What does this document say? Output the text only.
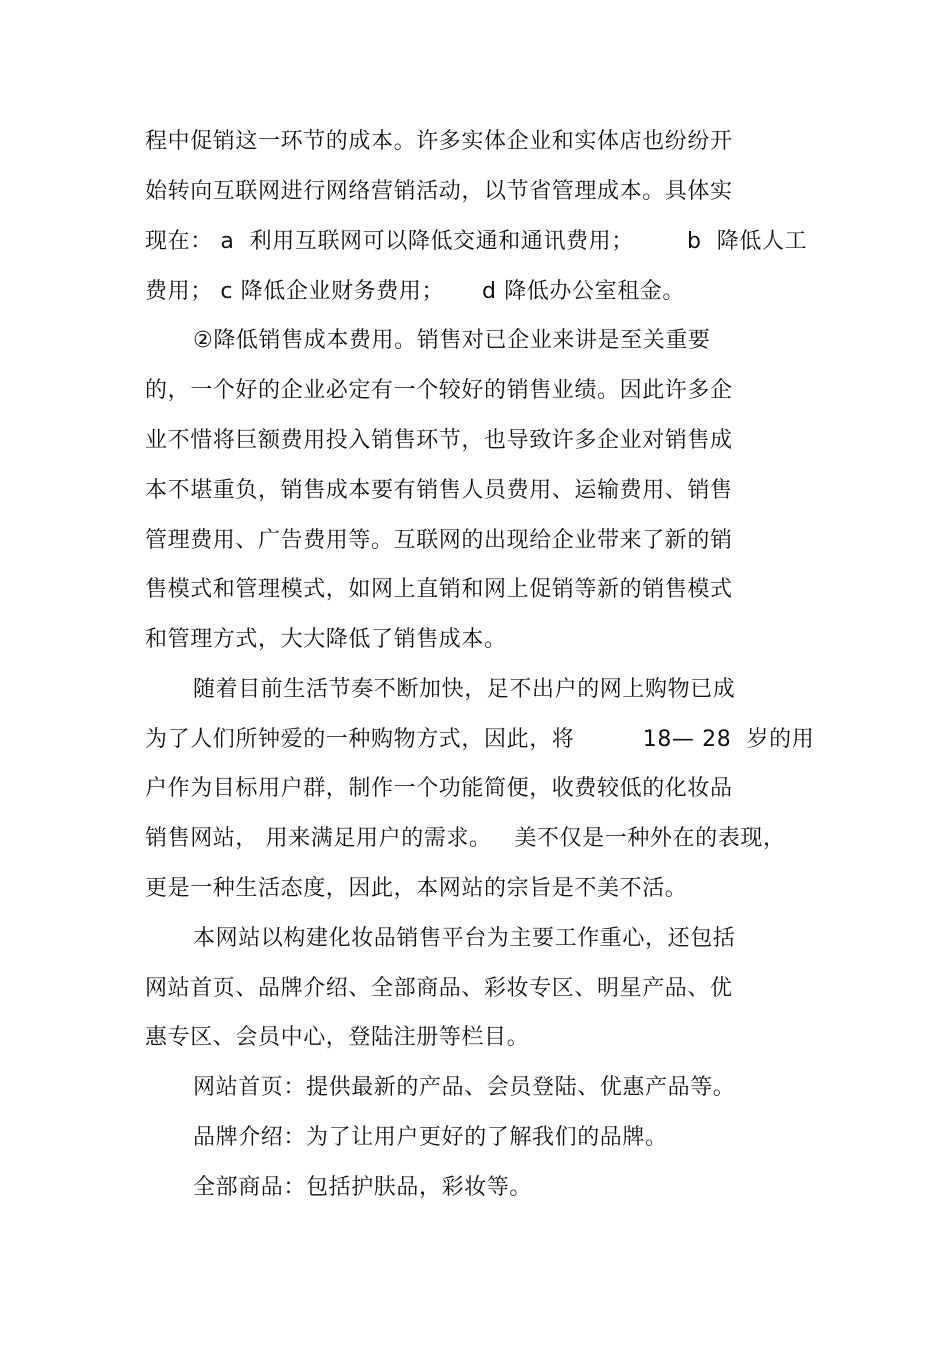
程中促销这一环节的成本。许多实体企业和实体店也纷纷开
始转向互联网进行网络营销活动，以节省管理成本。具体实
现在： a  利用互联网可以降低交通和通讯费用；       b  降低人工
费用； c 降低企业财务费用；     d 降低办公室租金。
②降低销售成本费用。销售对已企业来讲是至关重要
的，一个好的企业必定有一个较好的销售业绩。因此许多企
业不惜将巨额费用投入销售环节，也导致许多企业对销售成
本不堪重负，销售成本要有销售人员费用、运输费用、销售
管理费用、广告费用等。互联网的出现给企业带来了新的销
售模式和管理模式，如网上直销和网上促销等新的销售模式
和管理方式，大大降低了销售成本。
随着目前生活节奏不断加快，足不出户的网上购物已成
为了人们所钟爱的一种购物方式，因此，将         18— 28  岁的用
户作为目标用户群，制作一个功能简便，收费较低的化妆品
销售网站， 用来满足用户的需求。   美不仅是一种外在的表现，
更是一种生活态度，因此，本网站的宗旨是不美不活。
本网站以构建化妆品销售平台为主要工作重心，还包括
网站首页、品牌介绍、全部商品、彩妆专区、明星产品、优
惠专区、会员中心，登陆注册等栏目。
网站首页：提供最新的产品、会员登陆、优惠产品等。
品牌介绍：为了让用户更好的了解我们的品牌。
全部商品：包括护肤品，彩妆等。
